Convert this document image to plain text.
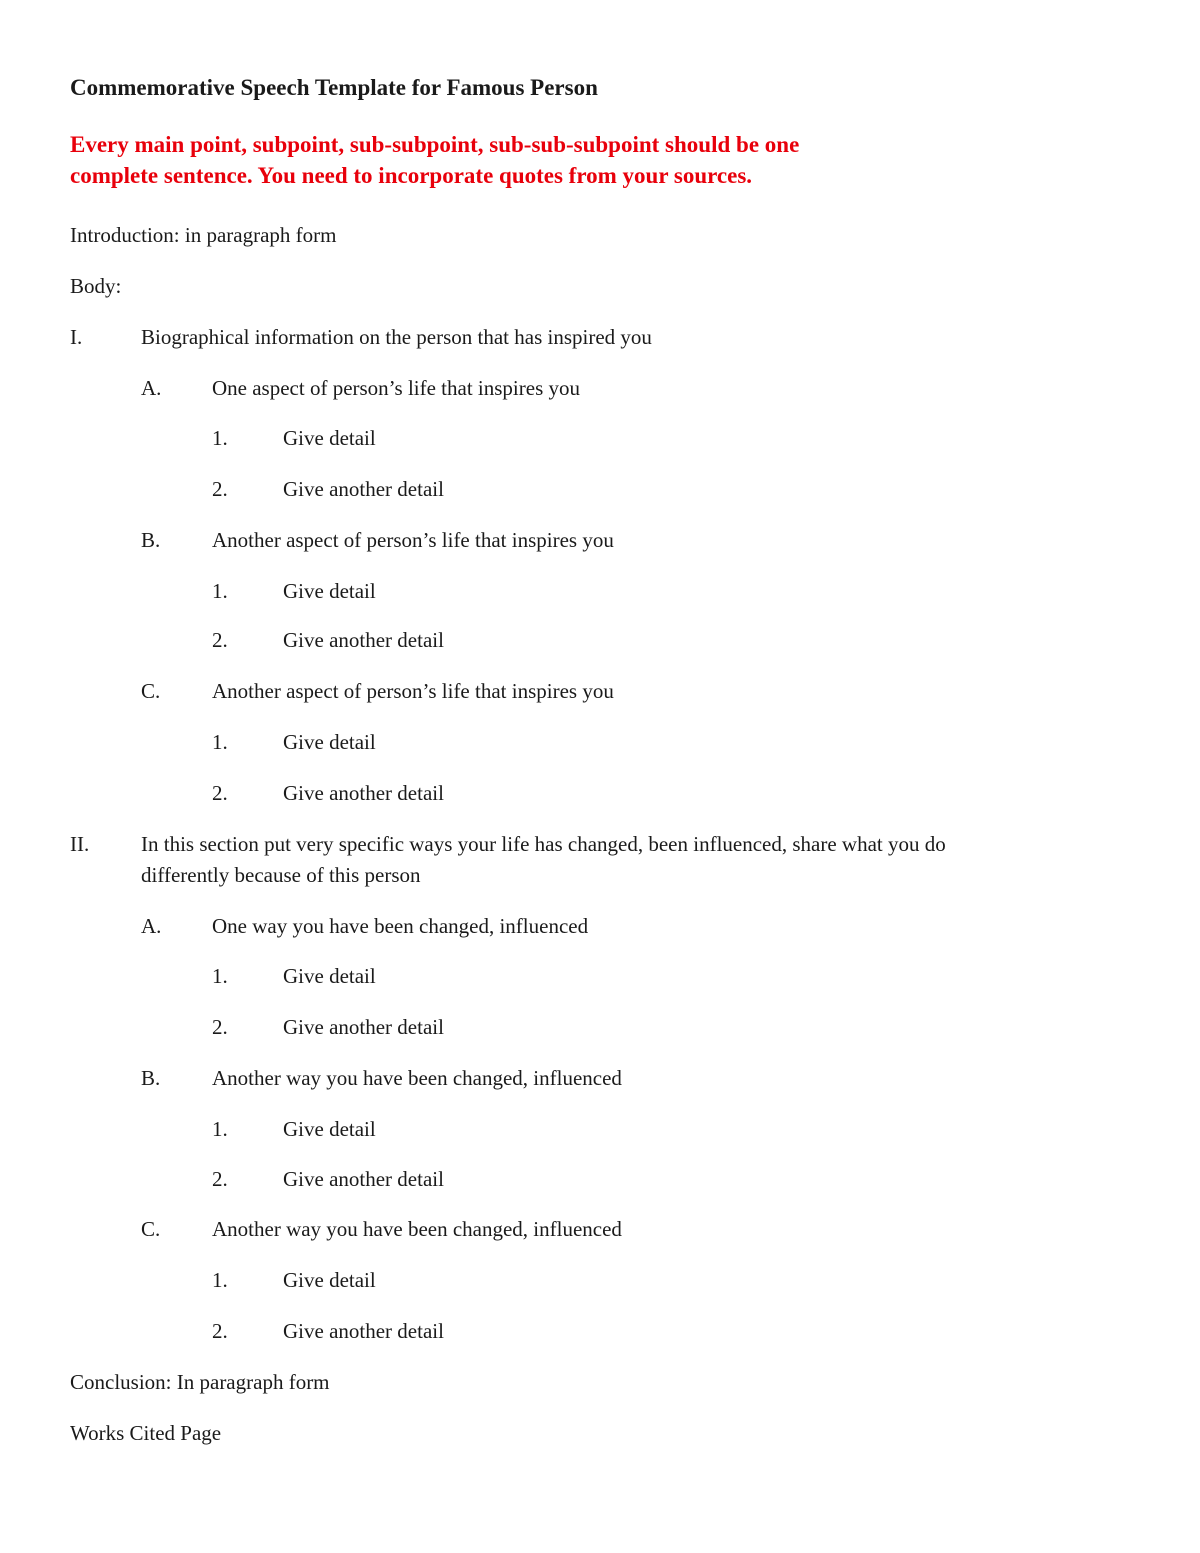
Commemorative Speech Template for Famous Person
Every main point, subpoint, sub-subpoint, sub-sub-subpoint should be one
complete sentence. You need to incorporate quotes from your sources.
Introduction: in paragraph form
Body:
I.	Biographical information on the person that has inspired you
A. One aspect of person’s life that inspires you
1.	Give detail
2.	Give another detail
B. Another aspect of person’s life that inspires you
1.	Give detail
2.	Give another detail
C. Another aspect of person’s life that inspires you
1.	Give detail
2.	Give another detail
II. In this section put very specific ways your life has changed, been influenced, share what you do
differently because of this person
A. One way you have been changed, influenced
1.	Give detail
2.	Give another detail
B. Another way you have been changed, influenced
1.	Give detail
2.	Give another detail
C. Another way you have been changed, influenced
1.	Give detail
2.	Give another detail
Conclusion: In paragraph form
Works Cited Page
